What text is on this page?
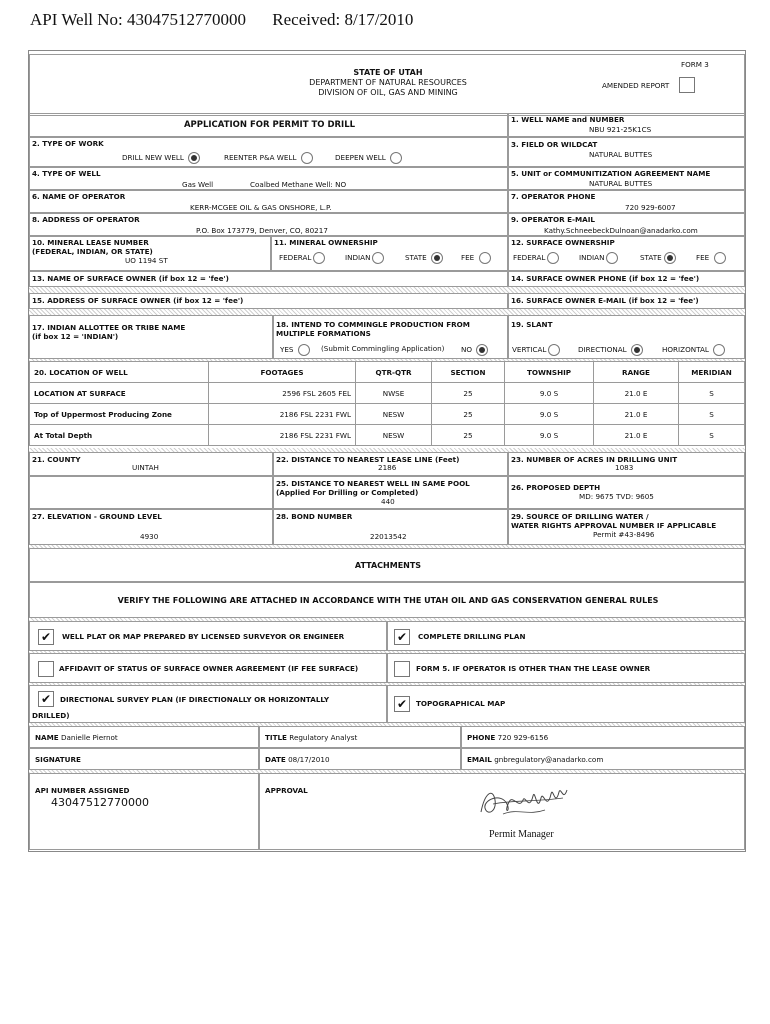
API Well No: 43047512770000 Received: 8/17/2010
STATE OF UTAH
DEPARTMENT OF NATURAL RESOURCES
DIVISION OF OIL, GAS AND MINING
FORM 3
AMENDED REPORT
APPLICATION FOR PERMIT TO DRILL
1. WELL NAME and NUMBER
NBU 921-25K1CS
2. TYPE OF WORK
DRILL NEW WELL	REENTER P&A WELL	DEEPEN WELL
3. FIELD OR WILDCAT
NATURAL BUTTES
4. TYPE OF WELL
Gas Well	Coalbed Methane Well: NO
5. UNIT or COMMUNITIZATION AGREEMENT NAME
NATURAL BUTTES
6. NAME OF OPERATOR
KERR-MCGEE OIL & GAS ONSHORE, L.P.
7. OPERATOR PHONE
720 929-6007
8. ADDRESS OF OPERATOR
P.O. Box 173779, Denver, CO, 80217
9. OPERATOR E-MAIL
Kathy.SchneebeckDulnoan@anadarko.com
10. MINERAL LEASE NUMBER
(FEDERAL, INDIAN, OR STATE)
UO 1194 ST
11. MINERAL OWNERSHIP
FEDERAL	INDIAN	STATE	FEE
12. SURFACE OWNERSHIP
FEDERAL	INDIAN	STATE	FEE
13. NAME OF SURFACE OWNER (if box 12 = 'fee')	14. SURFACE OWNER PHONE (if box 12 = 'fee')
15. ADDRESS OF SURFACE OWNER (if box 12 = 'fee')	16. SURFACE OWNER E-MAIL (if box 12 = 'fee')
17. INDIAN ALLOTTEE OR TRIBE NAME
(if box 12 = 'INDIAN')
18. INTEND TO COMMINGLE PRODUCTION FROM
MULTIPLE FORMATIONS
YES	(Submit Commingling Application) NO
19. SLANT
VERTICAL	DIRECTIONAL	HORIZONTAL
20. LOCATION OF WELL	FOOTAGES	QTR-QTR	SECTION	TOWNSHIP	RANGE	MERIDIAN
LOCATION AT SURFACE	2596 FSL 2605 FEL	NWSE	25	9.0 S	21.0 E	S
Top of Uppermost Producing Zone	2186 FSL 2231 FWL	NESW	25	9.0 S	21.0 E	S
At Total Depth	2186 FSL 2231 FWL	NESW	25	9.0 S	21.0 E	S
21. COUNTY
UINTAH
22. DISTANCE TO NEAREST LEASE LINE (Feet)
2186
23. NUMBER OF ACRES IN DRILLING UNIT
1083
25. DISTANCE TO NEAREST WELL IN SAME POOL
(Applied For Drilling or Completed)
440
26. PROPOSED DEPTH
MD: 9675 TVD: 9605
27. ELEVATION - GROUND LEVEL
4930
28. BOND NUMBER
22013542
29. SOURCE OF DRILLING WATER /
WATER RIGHTS APPROVAL NUMBER IF APPLICABLE
Permit #43-8496
ATTACHMENTS
VERIFY THE FOLLOWING ARE ATTACHED IN ACCORDANCE WITH THE UTAH OIL AND GAS CONSERVATION GENERAL RULES
✔	WELL PLAT OR MAP PREPARED BY LICENSED SURVEYOR OR ENGINEER	✔	COMPLETE DRILLING PLAN
AFFIDAVIT OF STATUS OF SURFACE OWNER AGREEMENT (IF FEE SURFACE)	FORM 5. IF OPERATOR IS OTHER THAN THE LEASE OWNER
✔	DIRECTIONAL SURVEY PLAN (IF DIRECTIONALLY OR HORIZONTALLY
DRILLED)
✔	TOPOGRAPHICAL MAP
NAME Danielle Piernot	TITLE Regulatory Analyst	PHONE 720 929-6156
SIGNATURE	DATE 08/17/2010	EMAIL gnbregulatory@anadarko.com
API NUMBER ASSIGNED
43047512770000
APPROVAL
Permit Manager
